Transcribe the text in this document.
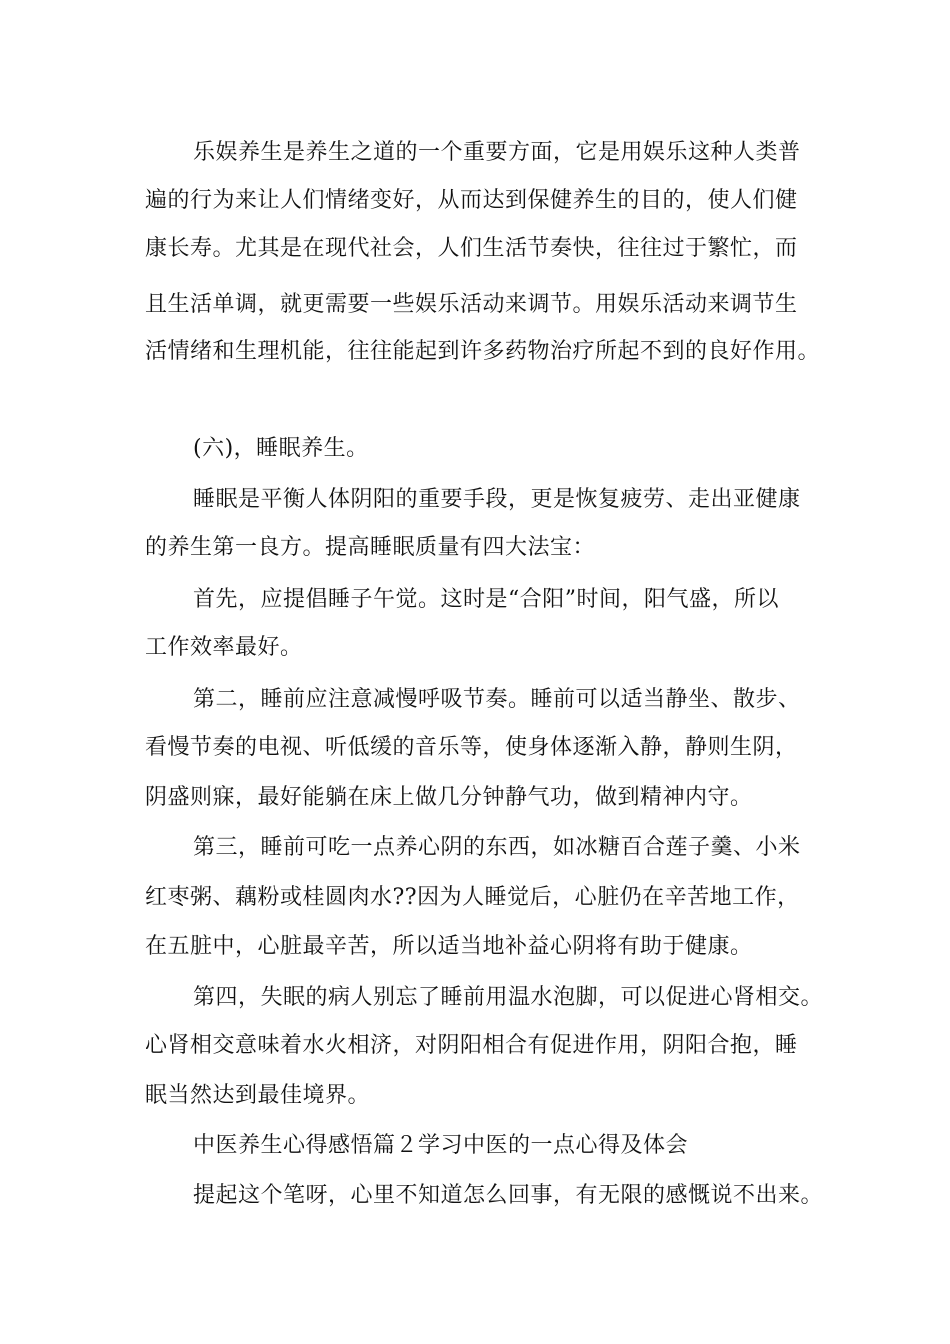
乐娱养生是养生之道的一个重要方面，它是用娱乐这种人类普
遍的行为来让人们情绪变好，从而达到保健养生的目的，使人们健
康长寿。尤其是在现代社会，人们生活节奏快，往往过于繁忙，而
且生活单调，就更需要一些娱乐活动来调节。用娱乐活动来调节生
活情绪和生理机能，往往能起到许多药物治疗所起不到的良好作用。
(六)，睡眠养生。
睡眠是平衡人体阴阳的重要手段，更是恢复疲劳、走出亚健康
的养生第一良方。提高睡眠质量有四大法宝：
首先，应提倡睡子午觉。这时是“合阳”时间，阳气盛，所以
工作效率最好。
第二，睡前应注意减慢呼吸节奏。睡前可以适当静坐、散步、
看慢节奏的电视、听低缓的音乐等，使身体逐渐入静，静则生阴，
阴盛则寐，最好能躺在床上做几分钟静气功，做到精神内守。
第三，睡前可吃一点养心阴的东西，如冰糖百合莲子羹、小米
红枣粥、藕粉或桂圆肉水??因为人睡觉后，心脏仍在辛苦地工作，
在五脏中，心脏最辛苦，所以适当地补益心阴将有助于健康。
第四，失眠的病人别忘了睡前用温水泡脚，可以促进心肾相交。
心肾相交意味着水火相济，对阴阳相合有促进作用，阴阳合抱，睡
眠当然达到最佳境界。
中医养生心得感悟篇２学习中医的一点心得及体会
提起这个笔呀，心里不知道怎么回事，有无限的感慨说不出来。
